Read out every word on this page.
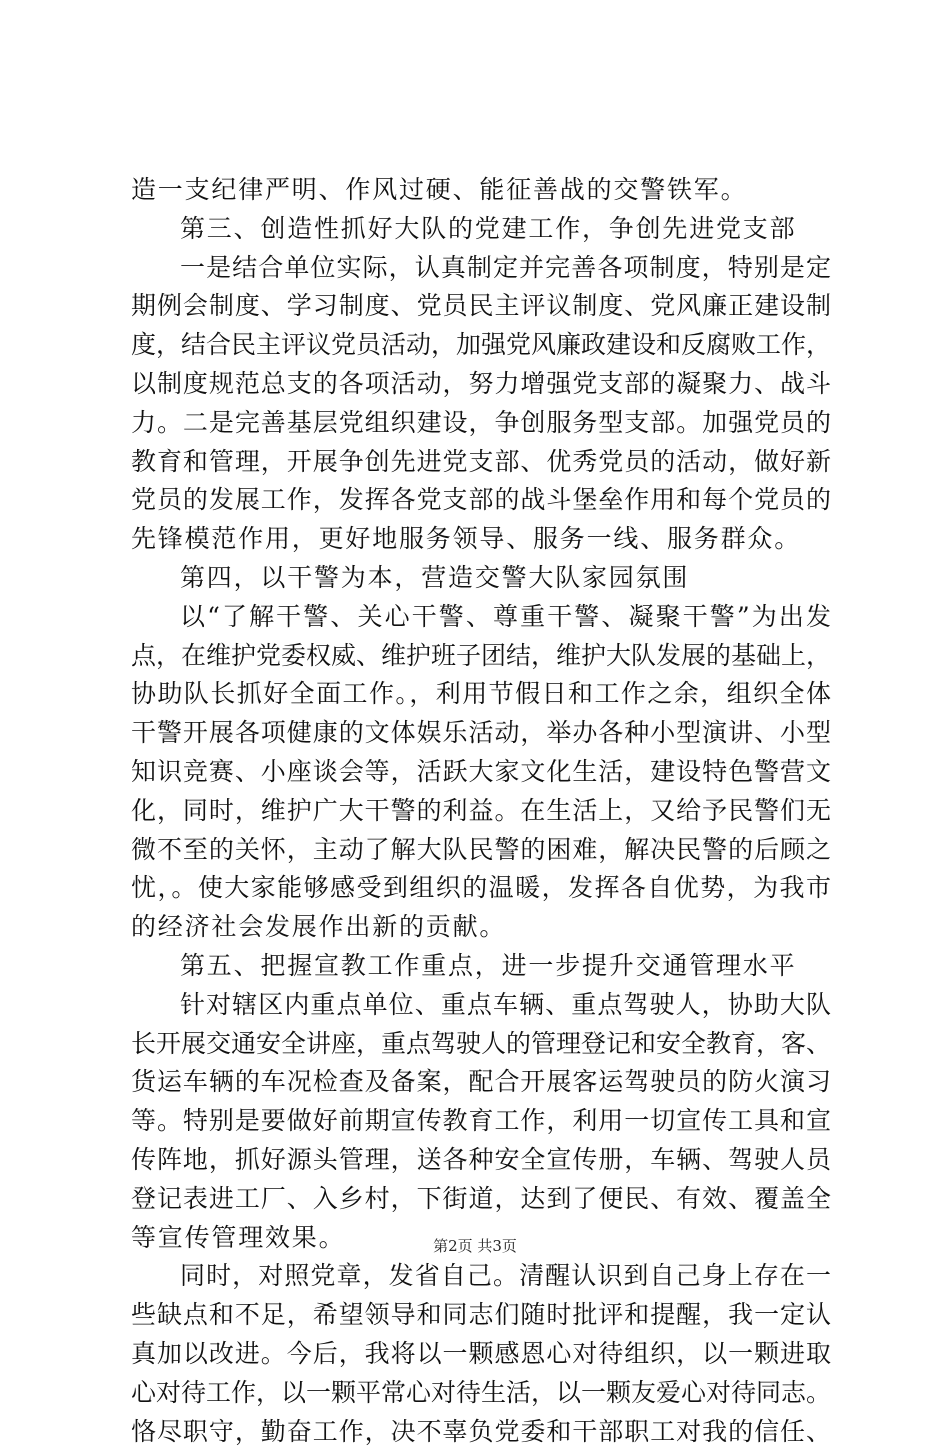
造一支纪律严明、作风过硬、能征善战的交警铁军。
第三、创造性抓好大队的党建工作，争创先进党支部
一是结合单位实际，认真制定并完善各项制度，特别是定
期例会制度、学习制度、党员民主评议制度、党风廉正建设制
度，结合民主评议党员活动，加强党风廉政建设和反腐败工作，
以制度规范总支的各项活动，努力增强党支部的凝聚力、战斗
力。二是完善基层党组织建设，争创服务型支部。加强党员的
教育和管理，开展争创先进党支部、优秀党员的活动，做好新
党员的发展工作，发挥各党支部的战斗堡垒作用和每个党员的
先锋模范作用，更好地服务领导、服务一线、服务群众。
第四，以干警为本，营造交警大队家园氛围
以“了解干警、关心干警、尊重干警、凝聚干警”为出发
点，在维护党委权威、维护班子团结，维护大队发展的基础上，
协助队长抓好全面工作。，利用节假日和工作之余，组织全体
干警开展各项健康的文体娱乐活动，举办各种小型演讲、小型
知识竞赛、小座谈会等，活跃大家文化生活，建设特色警营文
化，同时，维护广大干警的利益。在生活上，又给予民警们无
微不至的关怀，主动了解大队民警的困难，解决民警的后顾之
忧，。使大家能够感受到组织的温暖，发挥各自优势，为我市
的经济社会发展作出新的贡献。
第五、把握宣教工作重点，进一步提升交通管理水平
针对辖区内重点单位、重点车辆、重点驾驶人，协助大队
长开展交通安全讲座，重点驾驶人的管理登记和安全教育，客、
货运车辆的车况检查及备案，配合开展客运驾驶员的防火演习
等。特别是要做好前期宣传教育工作，利用一切宣传工具和宣
传阵地，抓好源头管理，送各种安全宣传册，车辆、驾驶人员
登记表进工厂、入乡村，下街道，达到了便民、有效、覆盖全
等宣传管理效果。
同时，对照党章，发省自己。清醒认识到自己身上存在一
些缺点和不足，希望领导和同志们随时批评和提醒，我一定认
真加以改进。今后，我将以一颗感恩心对待组织，以一颗进取
心对待工作，以一颗平常心对待生活，以一颗友爱心对待同志。
恪尽职守，勤奋工作，决不辜负党委和干部职工对我的信任、
第2页 共3页
